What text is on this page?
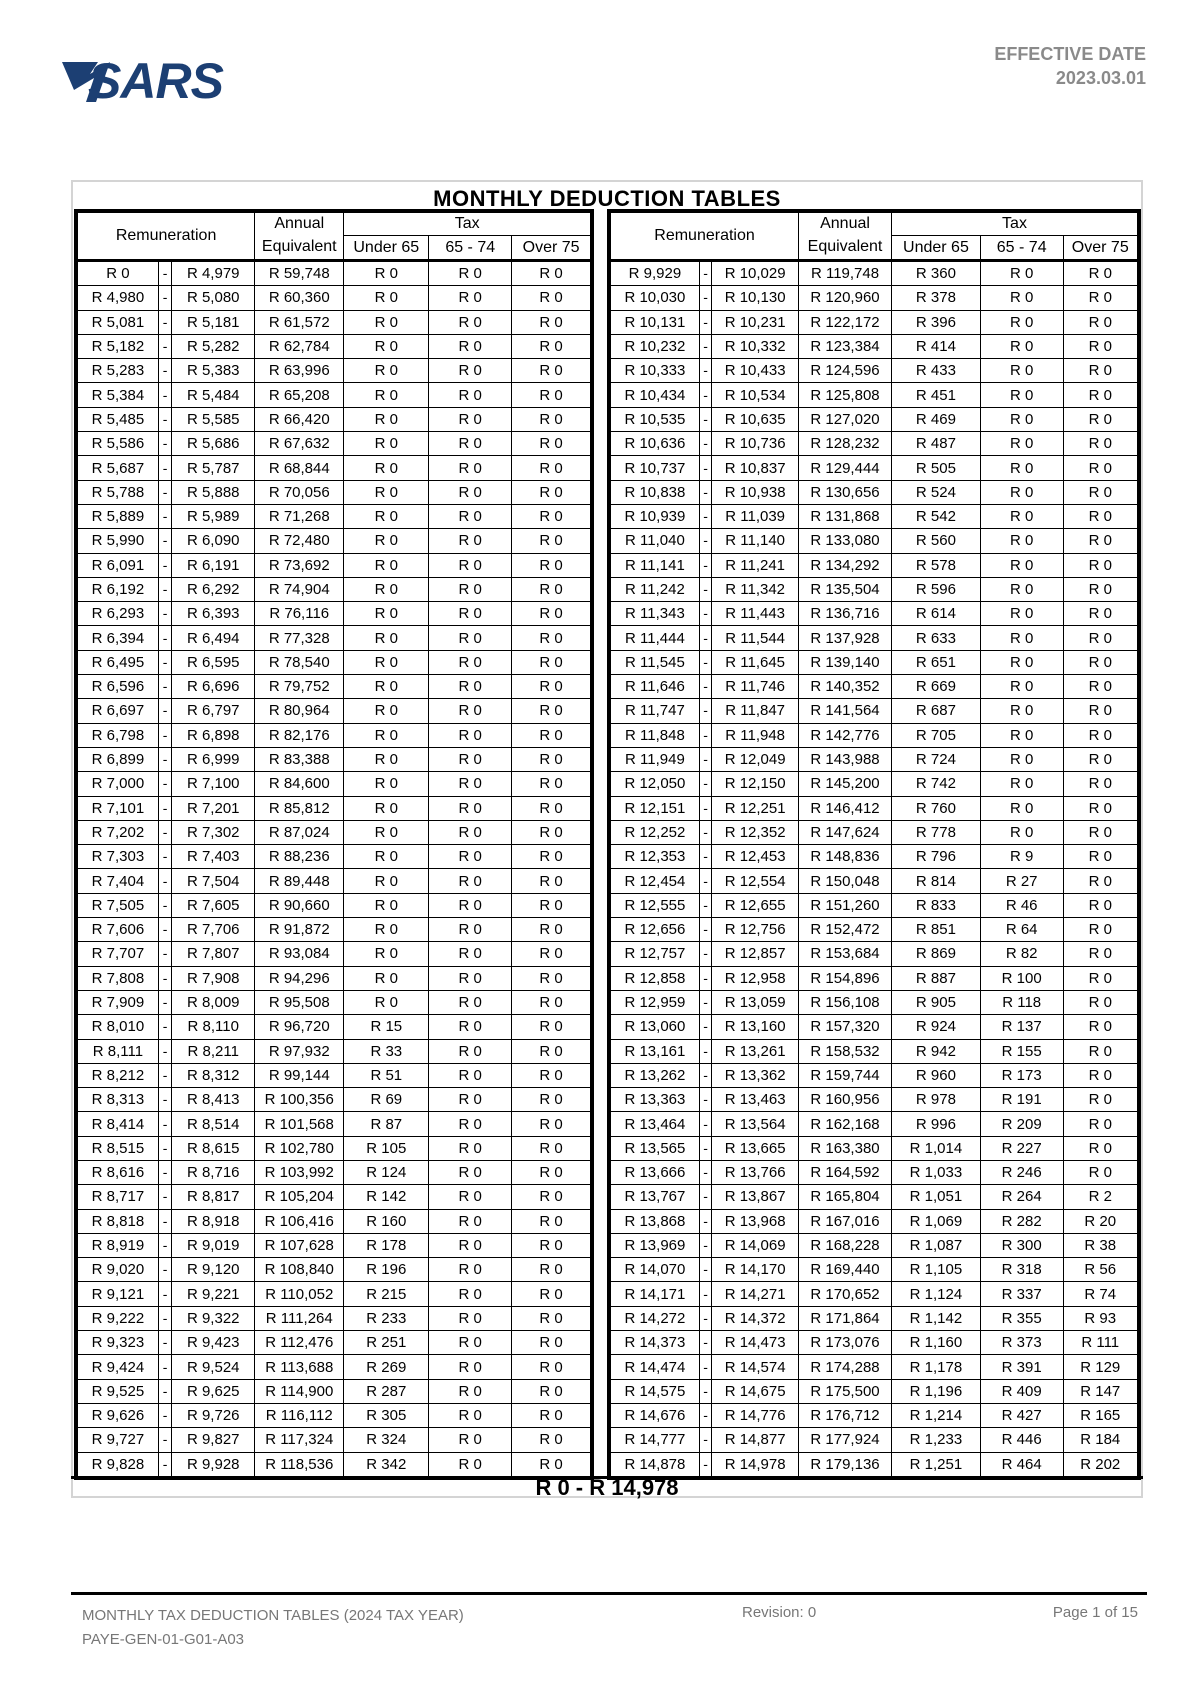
SARS	EFFECTIVE DATE
2023.03.01
MONTHLY DEDUCTION TABLES
Remuneration			Annual	Tax		
			Equivalent	Under 65	65 - 74	Over 75
R 0	-	R 4,979	R 59,748	R 0	R 0	R 0
R 4,980	-	R 5,080	R 60,360	R 0	R 0	R 0
R 5,081	-	R 5,181	R 61,572	R 0	R 0	R 0
R 5,182	-	R 5,282	R 62,784	R 0	R 0	R 0
R 5,283	-	R 5,383	R 63,996	R 0	R 0	R 0
R 5,384	-	R 5,484	R 65,208	R 0	R 0	R 0
R 5,485	-	R 5,585	R 66,420	R 0	R 0	R 0
R 5,586	-	R 5,686	R 67,632	R 0	R 0	R 0
R 5,687	-	R 5,787	R 68,844	R 0	R 0	R 0
R 5,788	-	R 5,888	R 70,056	R 0	R 0	R 0
R 5,889	-	R 5,989	R 71,268	R 0	R 0	R 0
R 5,990	-	R 6,090	R 72,480	R 0	R 0	R 0
R 6,091	-	R 6,191	R 73,692	R 0	R 0	R 0
R 6,192	-	R 6,292	R 74,904	R 0	R 0	R 0
R 6,293	-	R 6,393	R 76,116	R 0	R 0	R 0
R 6,394	-	R 6,494	R 77,328	R 0	R 0	R 0
R 6,495	-	R 6,595	R 78,540	R 0	R 0	R 0
R 6,596	-	R 6,696	R 79,752	R 0	R 0	R 0
R 6,697	-	R 6,797	R 80,964	R 0	R 0	R 0
R 6,798	-	R 6,898	R 82,176	R 0	R 0	R 0
R 6,899	-	R 6,999	R 83,388	R 0	R 0	R 0
R 7,000	-	R 7,100	R 84,600	R 0	R 0	R 0
R 7,101	-	R 7,201	R 85,812	R 0	R 0	R 0
R 7,202	-	R 7,302	R 87,024	R 0	R 0	R 0
R 7,303	-	R 7,403	R 88,236	R 0	R 0	R 0
R 7,404	-	R 7,504	R 89,448	R 0	R 0	R 0
R 7,505	-	R 7,605	R 90,660	R 0	R 0	R 0
R 7,606	-	R 7,706	R 91,872	R 0	R 0	R 0
R 7,707	-	R 7,807	R 93,084	R 0	R 0	R 0
R 7,808	-	R 7,908	R 94,296	R 0	R 0	R 0
R 7,909	-	R 8,009	R 95,508	R 0	R 0	R 0
R 8,010	-	R 8,110	R 96,720	R 15	R 0	R 0
R 8,111	-	R 8,211	R 97,932	R 33	R 0	R 0
R 8,212	-	R 8,312	R 99,144	R 51	R 0	R 0
R 8,313	-	R 8,413	R 100,356	R 69	R 0	R 0
R 8,414	-	R 8,514	R 101,568	R 87	R 0	R 0
R 8,515	-	R 8,615	R 102,780	R 105	R 0	R 0
R 8,616	-	R 8,716	R 103,992	R 124	R 0	R 0
R 8,717	-	R 8,817	R 105,204	R 142	R 0	R 0
R 8,818	-	R 8,918	R 106,416	R 160	R 0	R 0
R 8,919	-	R 9,019	R 107,628	R 178	R 0	R 0
R 9,020	-	R 9,120	R 108,840	R 196	R 0	R 0
R 9,121	-	R 9,221	R 110,052	R 215	R 0	R 0
R 9,222	-	R 9,322	R 111,264	R 233	R 0	R 0
R 9,323	-	R 9,423	R 112,476	R 251	R 0	R 0
R 9,424	-	R 9,524	R 113,688	R 269	R 0	R 0
R 9,525	-	R 9,625	R 114,900	R 287	R 0	R 0
R 9,626	-	R 9,726	R 116,112	R 305	R 0	R 0
R 9,727	-	R 9,827	R 117,324	R 324	R 0	R 0
R 9,828	-	R 9,928	R 118,536	R 342	R 0	R 0
Remuneration			Annual	Tax		
			Equivalent	Under 65	65 - 74	Over 75
R 9,929	-	R 10,029	R 119,748	R 360	R 0	R 0
R 10,030	-	R 10,130	R 120,960	R 378	R 0	R 0
R 10,131	-	R 10,231	R 122,172	R 396	R 0	R 0
R 10,232	-	R 10,332	R 123,384	R 414	R 0	R 0
R 10,333	-	R 10,433	R 124,596	R 433	R 0	R 0
R 10,434	-	R 10,534	R 125,808	R 451	R 0	R 0
R 10,535	-	R 10,635	R 127,020	R 469	R 0	R 0
R 10,636	-	R 10,736	R 128,232	R 487	R 0	R 0
R 10,737	-	R 10,837	R 129,444	R 505	R 0	R 0
R 10,838	-	R 10,938	R 130,656	R 524	R 0	R 0
R 10,939	-	R 11,039	R 131,868	R 542	R 0	R 0
R 11,040	-	R 11,140	R 133,080	R 560	R 0	R 0
R 11,141	-	R 11,241	R 134,292	R 578	R 0	R 0
R 11,242	-	R 11,342	R 135,504	R 596	R 0	R 0
R 11,343	-	R 11,443	R 136,716	R 614	R 0	R 0
R 11,444	-	R 11,544	R 137,928	R 633	R 0	R 0
R 11,545	-	R 11,645	R 139,140	R 651	R 0	R 0
R 11,646	-	R 11,746	R 140,352	R 669	R 0	R 0
R 11,747	-	R 11,847	R 141,564	R 687	R 0	R 0
R 11,848	-	R 11,948	R 142,776	R 705	R 0	R 0
R 11,949	-	R 12,049	R 143,988	R 724	R 0	R 0
R 12,050	-	R 12,150	R 145,200	R 742	R 0	R 0
R 12,151	-	R 12,251	R 146,412	R 760	R 0	R 0
R 12,252	-	R 12,352	R 147,624	R 778	R 0	R 0
R 12,353	-	R 12,453	R 148,836	R 796	R 9	R 0
R 12,454	-	R 12,554	R 150,048	R 814	R 27	R 0
R 12,555	-	R 12,655	R 151,260	R 833	R 46	R 0
R 12,656	-	R 12,756	R 152,472	R 851	R 64	R 0
R 12,757	-	R 12,857	R 153,684	R 869	R 82	R 0
R 12,858	-	R 12,958	R 154,896	R 887	R 100	R 0
R 12,959	-	R 13,059	R 156,108	R 905	R 118	R 0
R 13,060	-	R 13,160	R 157,320	R 924	R 137	R 0
R 13,161	-	R 13,261	R 158,532	R 942	R 155	R 0
R 13,262	-	R 13,362	R 159,744	R 960	R 173	R 0
R 13,363	-	R 13,463	R 160,956	R 978	R 191	R 0
R 13,464	-	R 13,564	R 162,168	R 996	R 209	R 0
R 13,565	-	R 13,665	R 163,380	R 1,014	R 227	R 0
R 13,666	-	R 13,766	R 164,592	R 1,033	R 246	R 0
R 13,767	-	R 13,867	R 165,804	R 1,051	R 264	R 2
R 13,868	-	R 13,968	R 167,016	R 1,069	R 282	R 20
R 13,969	-	R 14,069	R 168,228	R 1,087	R 300	R 38
R 14,070	-	R 14,170	R 169,440	R 1,105	R 318	R 56
R 14,171	-	R 14,271	R 170,652	R 1,124	R 337	R 74
R 14,272	-	R 14,372	R 171,864	R 1,142	R 355	R 93
R 14,373	-	R 14,473	R 173,076	R 1,160	R 373	R 111
R 14,474	-	R 14,574	R 174,288	R 1,178	R 391	R 129
R 14,575	-	R 14,675	R 175,500	R 1,196	R 409	R 147
R 14,676	-	R 14,776	R 176,712	R 1,214	R 427	R 165
R 14,777	-	R 14,877	R 177,924	R 1,233	R 446	R 184
R 14,878	-	R 14,978	R 179,136	R 1,251	R 464	R 202
R 0 - R 14,978
MONTHLY TAX DEDUCTION TABLES (2024 TAX YEAR)
PAYE-GEN-01-G01-A03
Revision: 0	Page 1 of 15
